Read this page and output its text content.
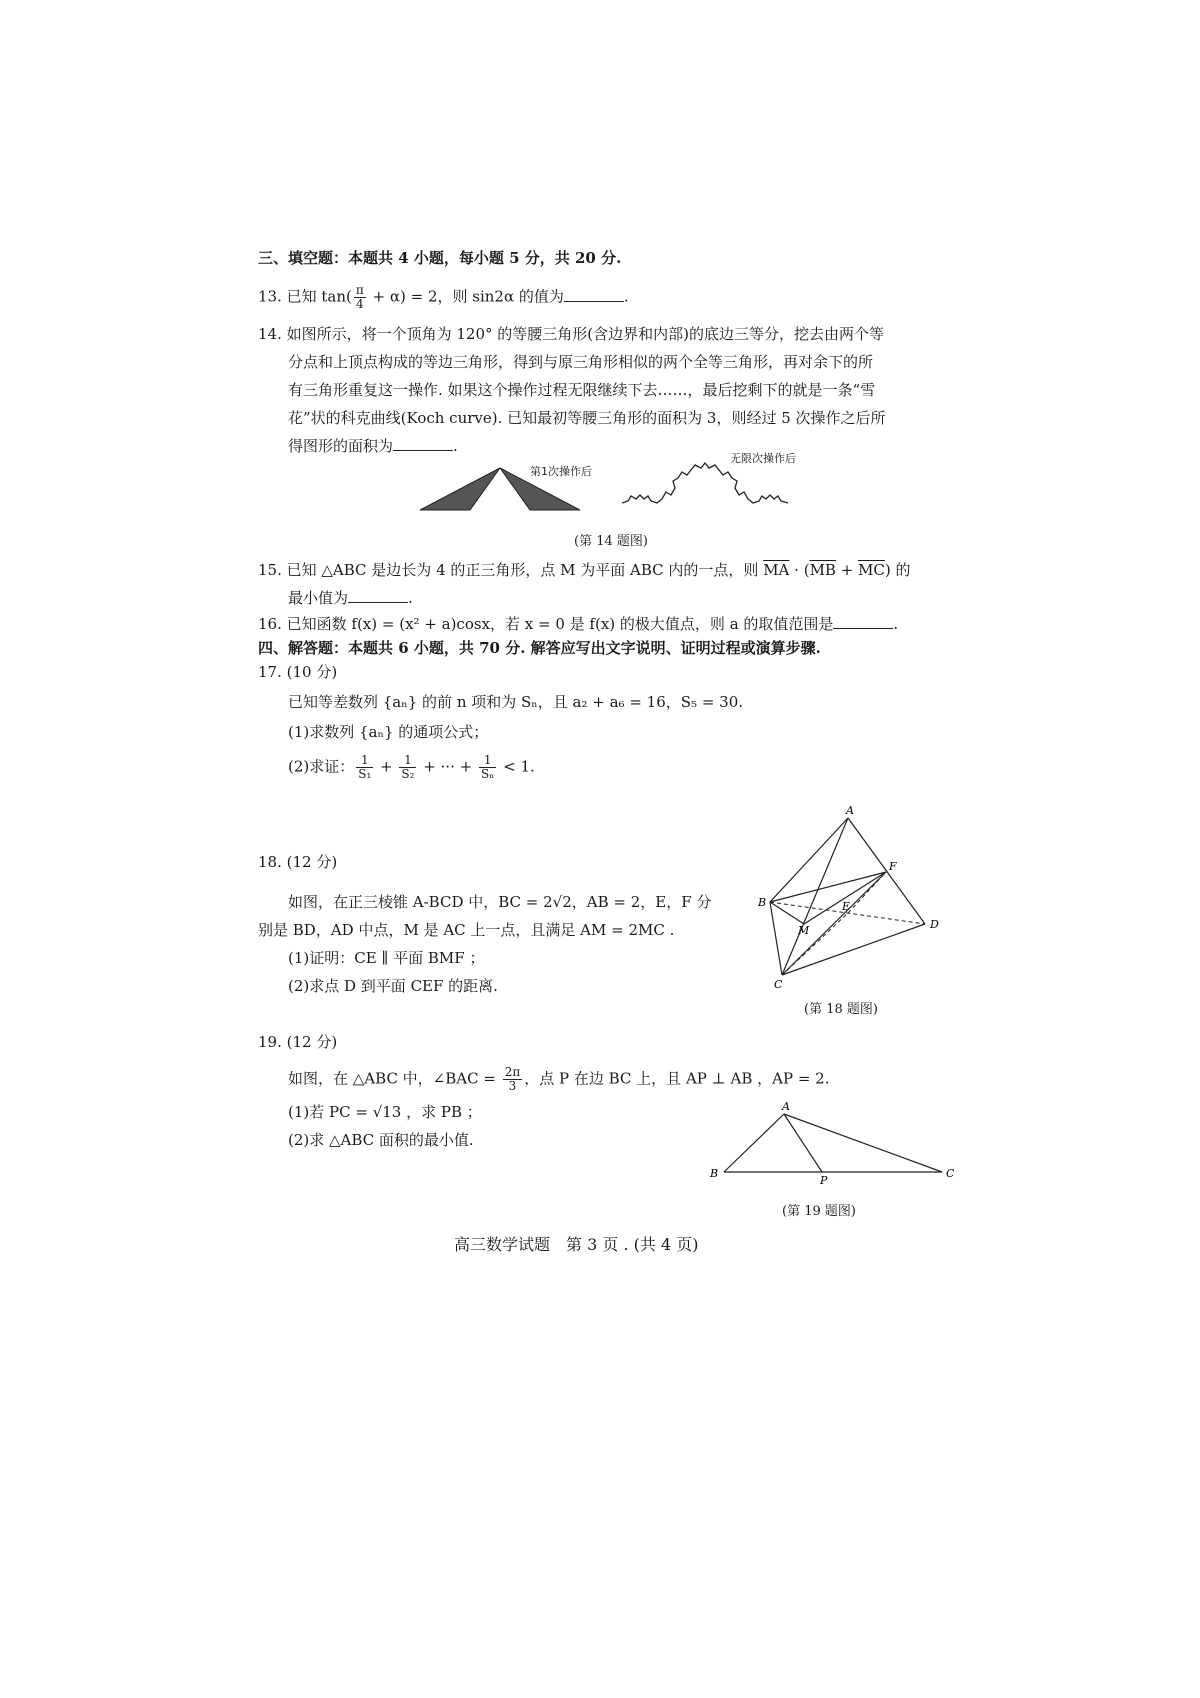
三、填空题：本题共 4 小题，每小题 5 分，共 20 分.
13. 已知 $\tan( \frac{\pi}{4} + \alpha) = 2$，则 sin2α 的值为	.
14. 如图所示，将一个顶角为 120° 的等腰三角形(含边界和内部)的底边三等分，挖去由两个等
分点和上顶点构成的等边三角形，得到与原三角形相似的两个全等三角形，再对余下的所
有三角形重复这一操作. 如果这个操作过程无限继续下去……，最后挖剩下的就是一条“雪
花”状的科克曲线(Koch curve). 已知最初等腰三角形的面积为 3，则经过 5 次操作之后所
得图形的面积为	.
第1次操作后
无限次操作后
(第 14 题图)
15. 已知 △ABC 是边长为 4 的正三角形，点 M 为平面 ABC 内的一点，则 $\overline{MA} \cdot (\overline{MB} + \overline{MC})$ 的
最小值为	.
16. 已知函数 f(x) = (x² + a)cosx，若 x = 0 是 f(x) 的极大值点，则 a 的取值范围是	.
四、解答题：本题共 6 小题，共 70 分. 解答应写出文字说明、证明过程或演算步骤.
17. (10 分)
已知等差数列 {aₙ} 的前 n 项和为 Sₙ，且 a₂ + a₆ = 16，S₅ = 30.
(1)求数列 {aₙ} 的通项公式；
(2)求证： $\frac{1}{\text{S₁}} + \frac{1}{\text{S₂}}$ + ··· + $\frac{1}{\text{Sₙ}} < 1$.
18. (12 分)
如图，在正三棱锥 A-BCD 中，BC = 2√2，AB = 2，E，F 分
别是 BD，AD 中点，M 是 AC 上一点，且满足 AM = 2MC .
(1)证明：CE ∥ 平面 BMF ；
(2)求点 D 到平面 CEF 的距离.
A
B
C
D
E
F
M
(第 18 题图)
19. (12 分)
如图，在 △ABC 中，∠BAC = $\frac{2\pi}{3}$ ，点 P 在边 BC 上，且 AP ⊥ AB ，AP = 2.
(1)若 PC = √13 ，求 PB ；
(2)求 △ABC 面积的最小值.
A
B	C
P
(第 19 题图)
高三数学试题　第 3 页 . (共 4 页)
